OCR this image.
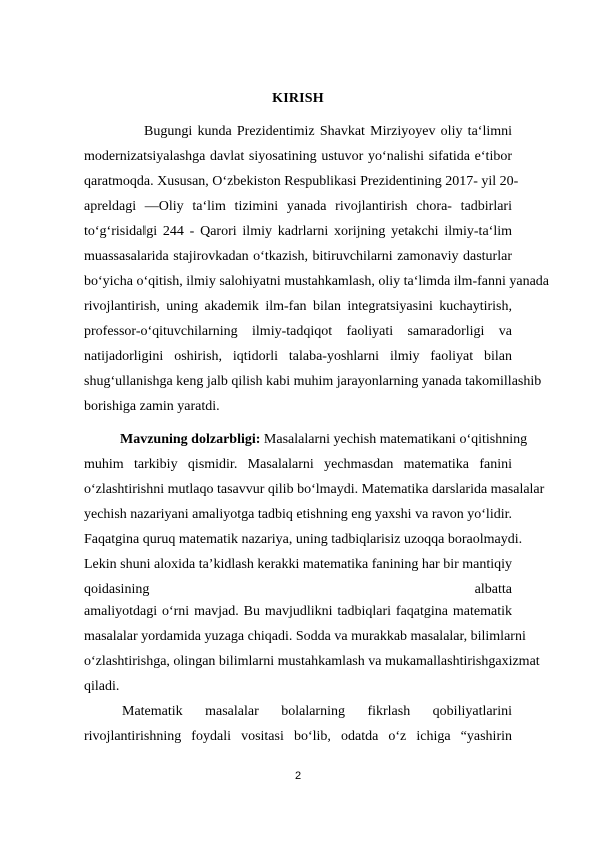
KIRISH
Bugungi kunda Prezidentimiz Shavkat Mirziyoyev oliy ta‘limni
modernizatsiyalashga davlat siyosatining ustuvor yo‘nalishi sifatida e‘tibor
qaratmoqda. Xususan, O‘zbekiston Respublikasi Prezidentining 2017- yil 20-
apreldagi ―Oliy ta‘lim tizimini yanada rivojlantirish chora- tadbirlari
to‘g‘risida‖gi 244 - Qarori ilmiy kadrlarni xorijning yetakchi ilmiy-ta‘lim
muassasalarida stajirovkadan o‘tkazish, bitiruvchilarni zamonaviy dasturlar
bo‘yicha o‘qitish, ilmiy salohiyatni mustahkamlash, oliy ta‘limda ilm-fanni yanada
rivojlantirish, uning akademik ilm-fan bilan integratsiyasini kuchaytirish,
professor-o‘qituvchilarning ilmiy-tadqiqot faoliyati samaradorligi va
natijadorligini oshirish, iqtidorli talaba-yoshlarni ilmiy faoliyat bilan
shug‘ullanishga keng jalb qilish kabi muhim jarayonlarning yanada takomillashib
borishiga zamin yaratdi.
Mavzuning dolzarbligi: Masalalarni yechish matematikani o‘qitishning
muhim tarkibiy qismidir. Masalalarni yechmasdan matematika fanini
o‘zlashtirishni mutlaqo tasavvur qilib bo‘lmaydi. Matematika darslarida masalalar
yechish nazariyani amaliyotga tadbiq etishning eng yaxshi va ravon yo‘lidir.
Faqatgina quruq matematik nazariya, uning tadbiqlarisiz uzoqqa boraolmaydi.
Lekin shuni aloxida ta’kidlash kerakki matematika fanining har bir mantiqiy
qoidasining albatta
amaliyotdagi o‘rni mavjad. Bu mavjudlikni tadbiqlari faqatgina matematik
masalalar yordamida yuzaga chiqadi. Sodda va murakkab masalalar, bilimlarni
o‘zlashtirishga, olingan bilimlarni mustahkamlash va mukamallashtirishgaxizmat
qiladi.
Matematik masalalar bolalarning fikrlash qobiliyatlarini
rivojlantirishning foydali vositasi bo‘lib, odatda o‘z ichiga “yashirin
2
